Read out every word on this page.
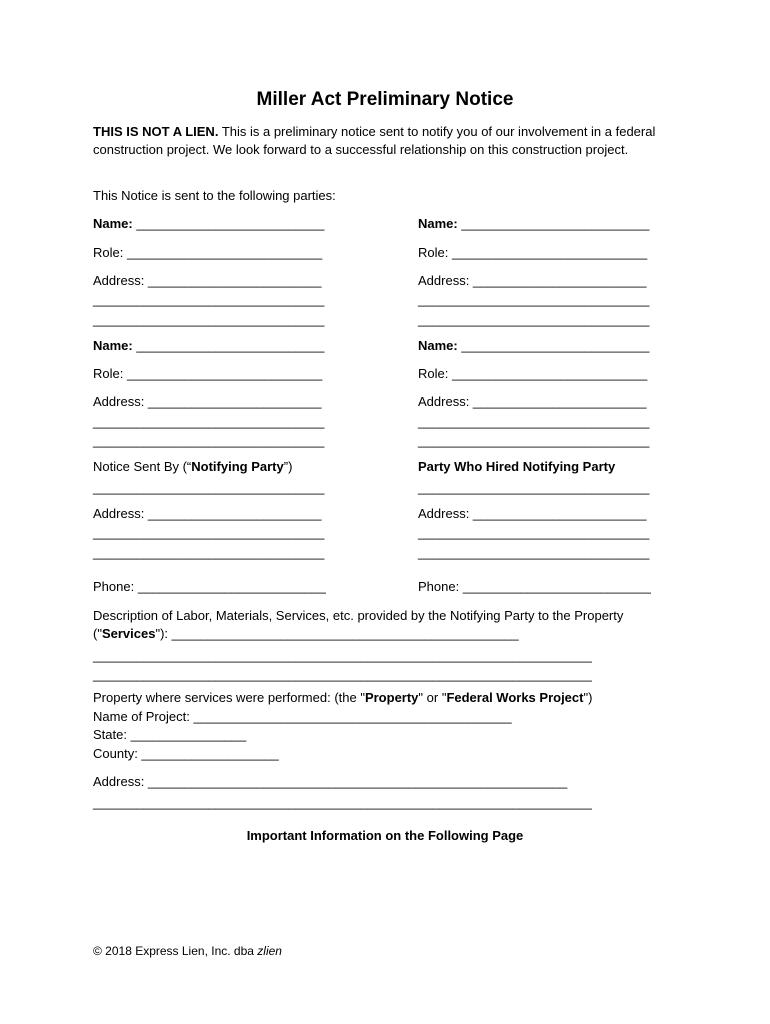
Miller Act Preliminary Notice
THIS IS NOT A LIEN. This is a preliminary notice sent to notify you of our involvement in a federal construction project. We look forward to a successful relationship on this construction project.
This Notice is sent to the following parties:
Name: __________________________
Role: ___________________________
Address: ________________________
________________________________
________________________________
Name: __________________________
Role: ___________________________
Address: ________________________
________________________________
________________________________
Name: __________________________
Role: ___________________________
Address: ________________________
________________________________
________________________________
Name: __________________________
Role: ___________________________
Address: ________________________
________________________________
________________________________
Notice Sent By (“Notifying Party”)
________________________________
Address: ________________________
________________________________
________________________________
Phone: __________________________
Party Who Hired Notifying Party
________________________________
Address: ________________________
________________________________
________________________________
Phone: __________________________
Description of Labor, Materials, Services, etc. provided by the Notifying Party to the Property
("Services"): ________________________________________________
_____________________________________________________________________
_____________________________________________________________________
Property where services were performed: (the "Property" or "Federal Works Project")
Name of Project: ____________________________________________
State: ________________
County: ___________________
Address: __________________________________________________________
_____________________________________________________________________
Important Information on the Following Page
© 2018 Express Lien, Inc. dba zlien
